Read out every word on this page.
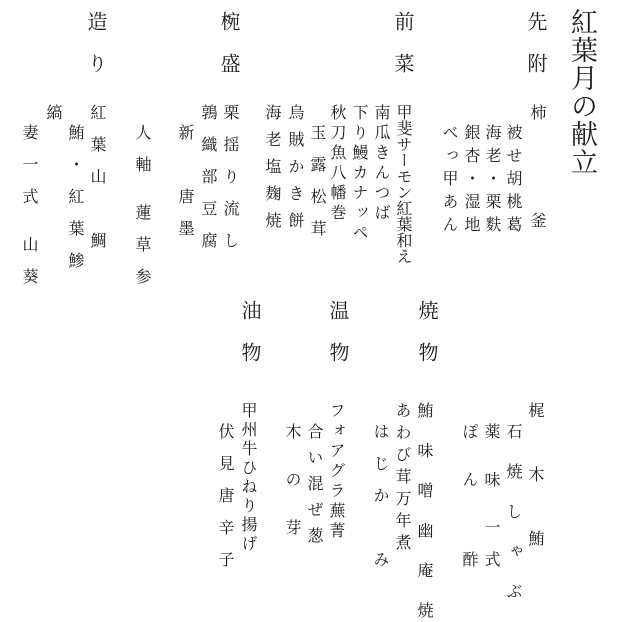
紅葉月の献立
先附
柿　　　　　釜
被せ胡桃葛
海老・栗麩
銀杏・湿地
べっ甲あん
前菜
甲斐サーモン紅葉和え
南瓜きんつば
下り鰻カナッペ
秋刀魚八幡巻
玉　露　松　茸
烏賊かき餅
海老塩麹焼
椀盛
栗　揺　り　流　し
鶉　織　部　豆　腐
新　　　唐　墨
人　軸　　蓮　草　参
造り
紅　葉　山　　　鯛
鮪　・　紅　葉　鯵
縞
妻　一　式　　山　葵
焼物
梶　　　木　　　鮪
石　焼　し　ゃ　ぶ
薬　　味　　一　式
ぽ　　ん　　　　酢
鮪　味　噌　幽　庵　焼
あわび茸万年煮
は　じ　か　　　み
温物
フォアグラ蕪菁
合い混ぜ葱
木　　の　　芽
油物
甲州牛ひねり揚げ
伏　見　唐　辛　子
